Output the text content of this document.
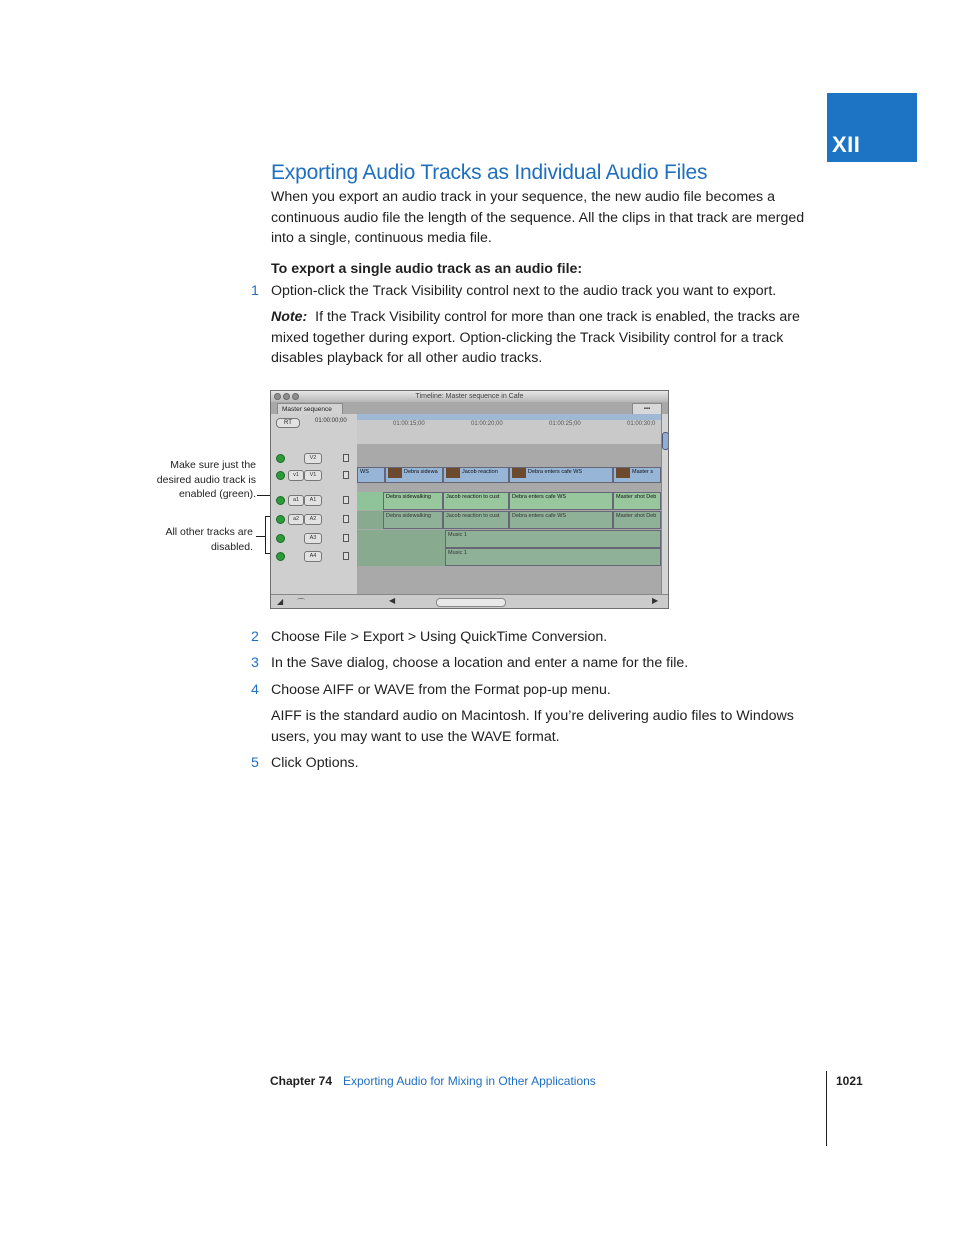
XII
Exporting Audio Tracks as Individual Audio Files

When you export an audio track in your sequence, the new audio file becomes a continuous audio file the length of the sequence. All the clips in that track are merged into a single, continuous media file.

To export a single audio track as an audio file:
1 Option-click the Track Visibility control next to the audio track you want to export.

Note: If the Track Visibility control for more than one track is enabled, the tracks are mixed together during export. Option-clicking the Track Visibility control for a track disables playback for all other audio tracks.

Make sure just the desired audio track is enabled (green).
All other tracks are disabled.
Timeline: Master sequence in Cafe
Master sequence	▪▪▪
RT	01:00:00;00	01:00:15;00	01:00:20;00	01:00:25;00	01:00:30;0
V2
v1	V1	WS	Debra sidewa	Jacob reaction	Debra enters cafe WS	Master s
a1	A1	Debra sidewalking	Jacob reaction to cust	Debra enters cafe WS	Master shot Deb
a2	A2	Debra sidewalking	Jacob reaction to cust	Debra enters cafe WS	Master shot Deb
A3	Music 1
A4	Music 1
◢ ⌒	◀	▶
2 Choose File > Export > Using QuickTime Conversion.
3 In the Save dialog, choose a location and enter a name for the file.
4 Choose AIFF or WAVE from the Format pop-up menu.

AIFF is the standard audio on Macintosh. If you’re delivering audio files to Windows users, you may want to use the WAVE format.

5 Click Options.
Chapter 74 Exporting Audio for Mixing in Other Applications	1021
